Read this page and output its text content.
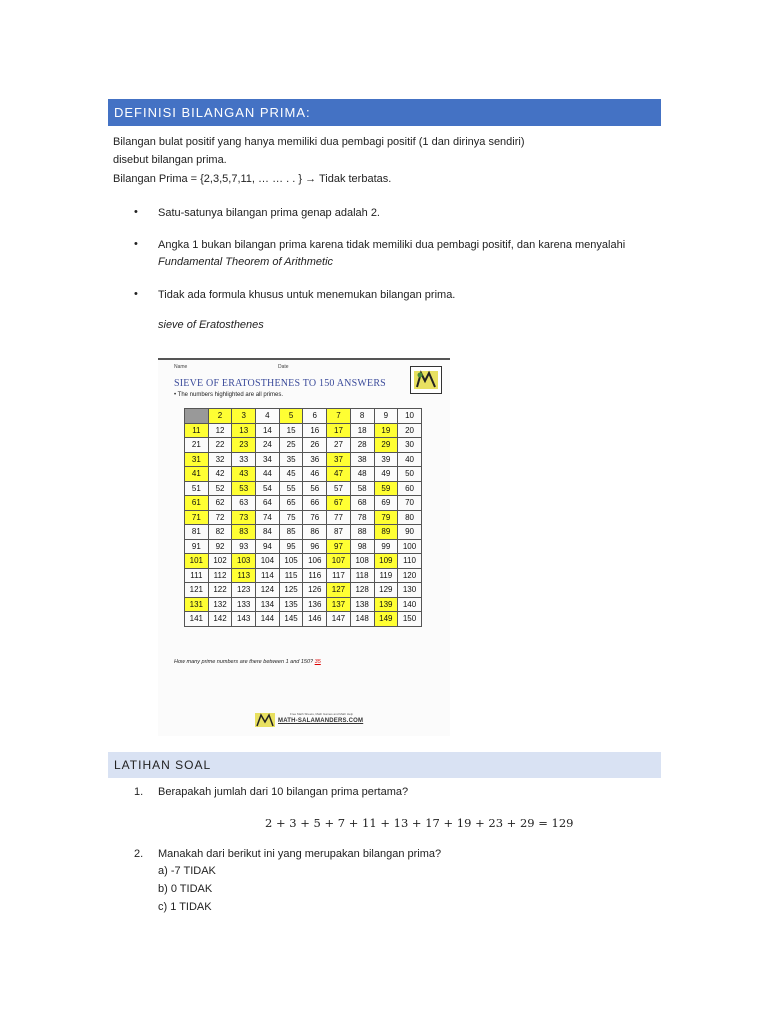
DEFINISI BILANGAN PRIMA:
Bilangan bulat positif yang hanya memiliki dua pembagi positif (1 dan dirinya sendiri)
disebut bilangan prima.
Bilangan Prima = {2,3,5,7,11, … … . . } → Tidak terbatas.
• Satu-satunya bilangan prima genap adalah 2.
• Angka 1 bukan bilangan prima karena tidak memiliki dua pembagi positif, dan karena menyalahi
Fundamental Theorem of Arithmetic
• Tidak ada formula khusus untuk menemukan bilangan prima.
sieve of Eratosthenes
Name	Date
SIEVE OF ERATOSTHENES TO 150 ANSWERS
• The numbers highlighted are all primes.
	2	3	4	5	6	7	8	9	10
11	12	13	14	15	16	17	18	19	20
21	22	23	24	25	26	27	28	29	30
31	32	33	34	35	36	37	38	39	40
41	42	43	44	45	46	47	48	49	50
51	52	53	54	55	56	57	58	59	60
61	62	63	64	65	66	67	68	69	70
71	72	73	74	75	76	77	78	79	80
81	82	83	84	85	86	87	88	89	90
91	92	93	94	95	96	97	98	99	100
101	102	103	104	105	106	107	108	109	110
111	112	113	114	115	116	117	118	119	120
121	122	123	124	125	126	127	128	129	130
131	132	133	134	135	136	137	138	139	140
141	142	143	144	145	146	147	148	149	150
How many prime numbers are there between 1 and 150? 35
Free Math Sheets, Math Games and Math Help
MATH-SALAMANDERS.COM
LATIHAN SOAL
1. Berapakah jumlah dari 10 bilangan prima pertama?
2 + 3 + 5 + 7 + 11 + 13 + 17 + 19 + 23 + 29 = 129
2. Manakah dari berikut ini yang merupakan bilangan prima?
a) -7 TIDAK
b) 0 TIDAK
c) 1 TIDAK
